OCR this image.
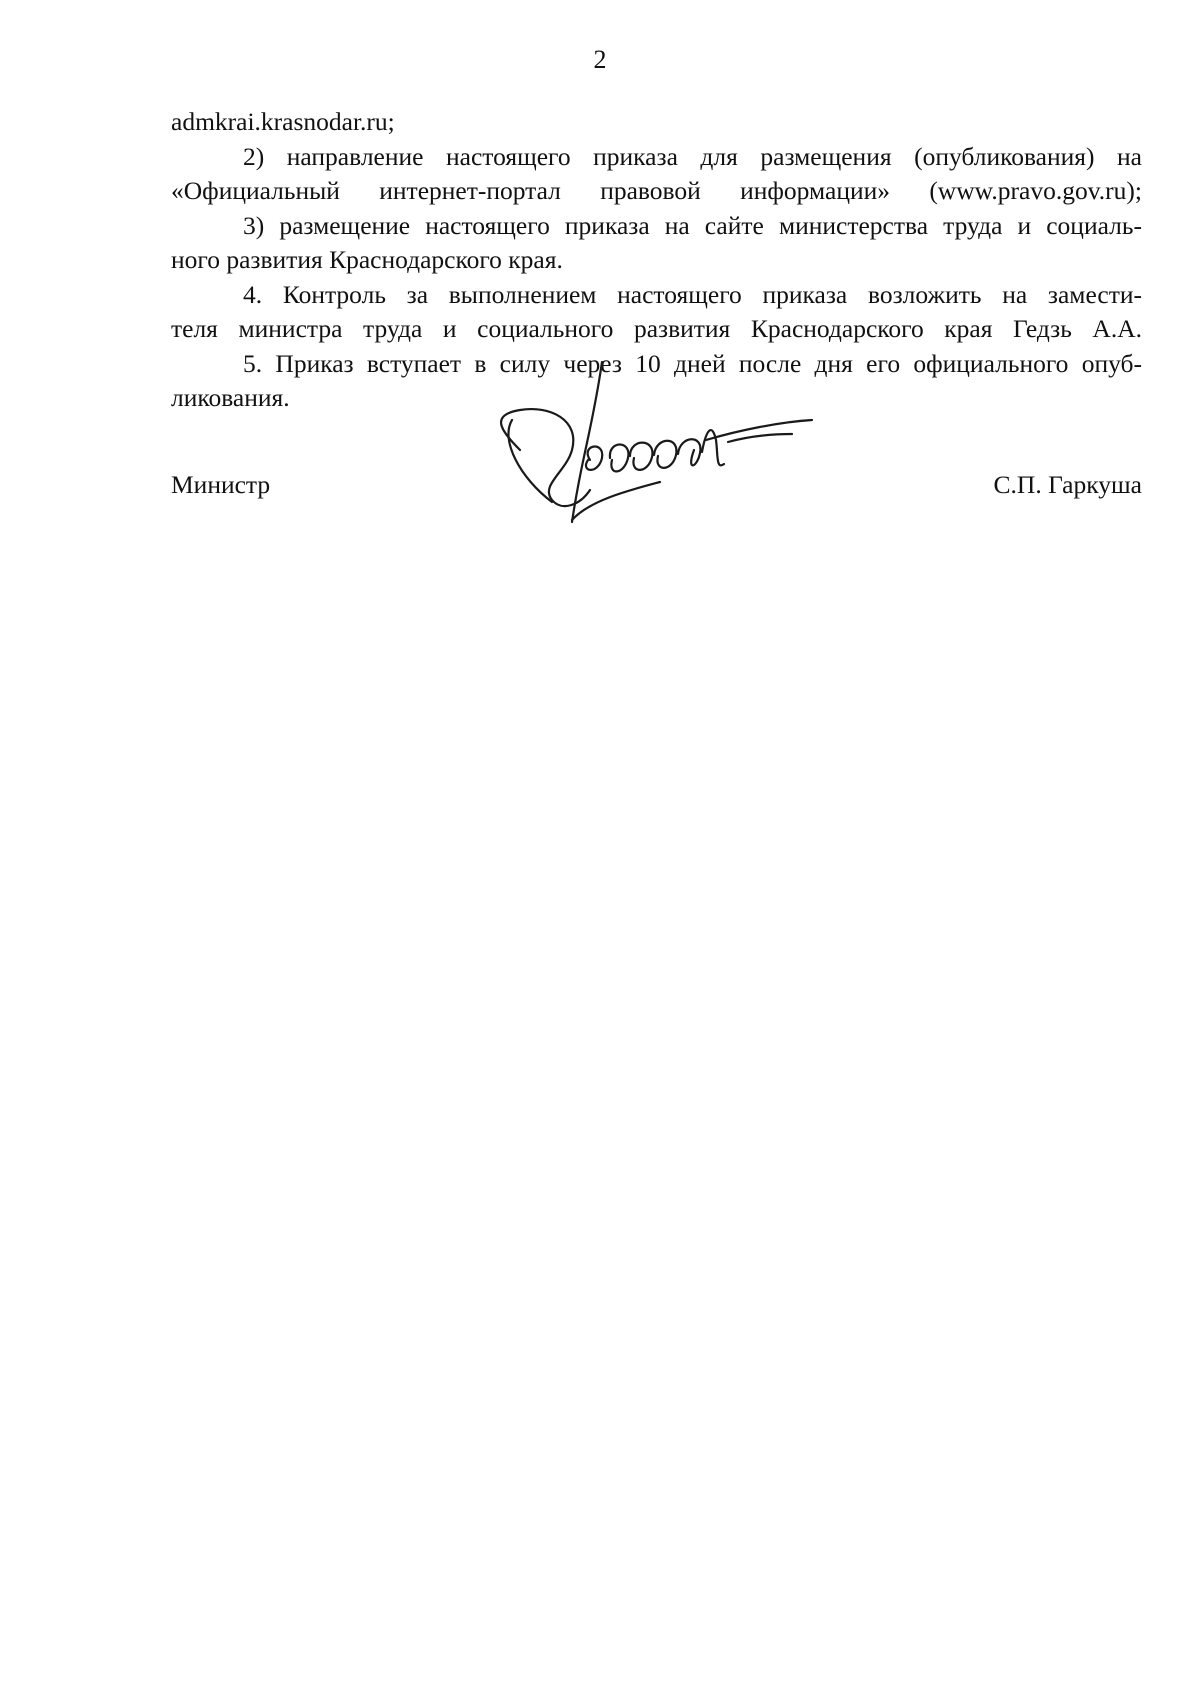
2
admkrai.krasnodar.ru;
2) направление настоящего приказа для размещения (опубликования) на
«Официальный интернет-портал правовой информации» (www.pravo.gov.ru);
3) размещение настоящего приказа на сайте министерства труда и социаль-
ного развития Краснодарского края.
4. Контроль за выполнением настоящего приказа возложить на замести-
теля министра труда и социального развития Краснодарского края Гедзь А.А.
5. Приказ вступает в силу через 10 дней после дня его официального опуб-
ликования.
Министр	С.П. Гаркуша
